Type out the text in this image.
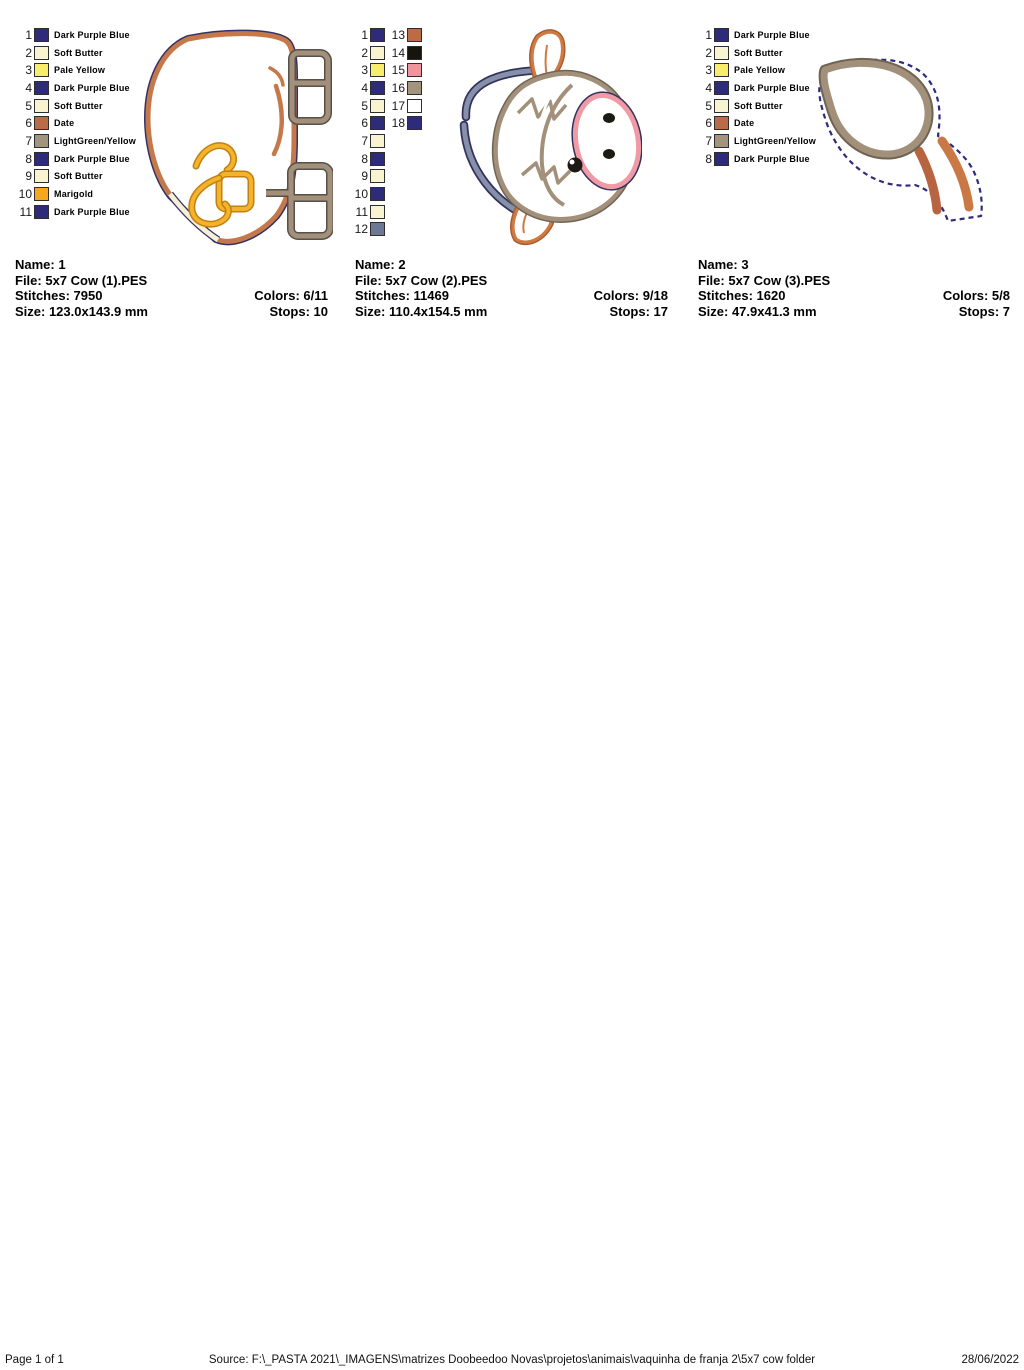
1 Dark Purple Blue
2 Soft Butter
3 Pale Yellow
4 Dark Purple Blue
5 Soft Butter
6 Date
7 LightGreen/Yellow
8 Dark Purple Blue
9 Soft Butter
10 Marigold
11 Dark Purple Blue
Name: 1
File: 5x7 Cow (1).PES
Stitches: 7950	Colors: 6/11
Size: 123.0x143.9 mm	Stops: 10
1
2
3
4
5
6
7
8
9
10
11
12
13
14
15
16
17
18
Name: 2
File: 5x7 Cow (2).PES
Stitches: 11469	Colors: 9/18
Size: 110.4x154.5 mm	Stops: 17
1 Dark Purple Blue
2 Soft Butter
3 Pale Yellow
4 Dark Purple Blue
5 Soft Butter
6 Date
7 LightGreen/Yellow
8 Dark Purple Blue
Name: 3
File: 5x7 Cow (3).PES
Stitches: 1620	Colors: 5/8
Size: 47.9x41.3 mm	Stops: 7
Source: F:\_PASTA 2021\_IMAGENS\matrizes Doobeedoo Novas\projetos\animais\vaquinha de franja 2\5x7 cow folder
Page 1 of 1	28/06/2022
